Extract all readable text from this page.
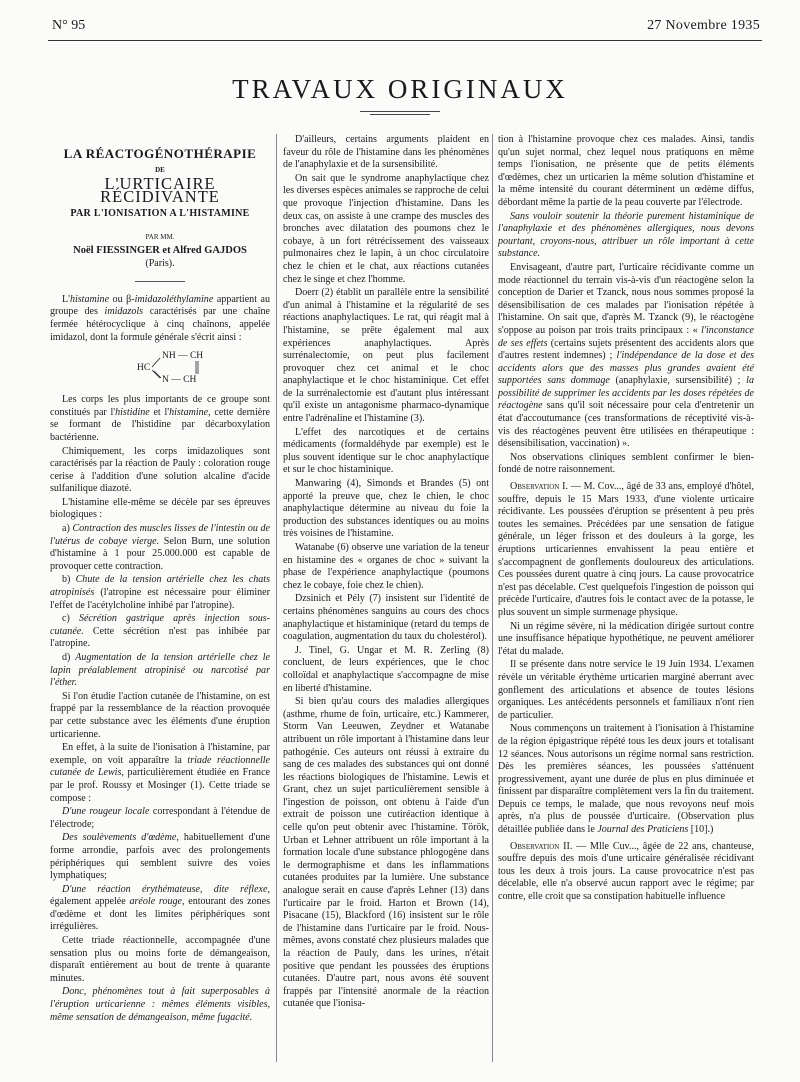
N° 95	27 Novembre 1935
TRAVAUX ORIGINAUX

LA RÉACTOGÉNOTHÉRAPIE

DE

L'URTICAIRE RÉCIDIVANTE

PAR L'IONISATION A L'HISTAMINE

PAR MM.

Noël FIESSINGER et Alfred GAJDOS

(Paris).

L'histamine ou β-imidazoléthylamine appartient au groupe des imidazols caractérisés par une chaîne fermée hétérocyclique à cinq chaînons, appelée imidazol, dont la formule générale s'écrit ainsi :

NH — CH
HC
N — CH

Les corps les plus importants de ce groupe sont constitués par l'histidine et l'histamine, cette dernière se formant de l'histidine par décarboxylation bactérienne.

Chimiquement, les corps imidazoliques sont caractérisés par la réaction de Pauly : coloration rouge cerise à l'addition d'une solution alcaline d'acide sulfanilique diazoté.

L'histamine elle-même se décèle par ses épreuves biologiques :

a) Contraction des muscles lisses de l'intestin ou de l'utérus de cobaye vierge. Selon Burn, une solution d'histamine à 1 pour 25.000.000 est capable de provoquer cette contraction.

b) Chute de la tension artérielle chez les chats atropinisés (l'atropine est nécessaire pour éliminer l'effet de l'acétylcholine inhibé par l'atropine).

c) Sécrétion gastrique après injection sous-cutanée. Cette sécrétion n'est pas inhibée par l'atropine.

d) Augmentation de la tension artérielle chez le lapin préalablement atropinisé ou narcotisé par l'éther.

Si l'on étudie l'action cutanée de l'histamine, on est frappé par la ressemblance de la réaction provoquée par cette substance avec les éléments d'une éruption urticarienne.

En effet, à la suite de l'ionisation à l'histamine, par exemple, on voit apparaître la triade réactionnelle cutanée de Lewis, particulièrement étudiée en France par le prof. Roussy et Mosinger (1). Cette triade se compose :

D'une rougeur locale correspondant à l'étendue de l'électrode;

Des soulèvements d'œdème, habituellement d'une forme arrondie, parfois avec des prolongements périphériques qui semblent suivre des voies lymphatiques;

D'une réaction érythémateuse, dite réflexe, également appelée aréole rouge, entourant des zones d'œdème et dont les limites périphériques sont irrégulières.

Cette triade réactionnelle, accompagnée d'une sensation plus ou moins forte de démangeaison, disparaît entièrement au bout de trente à quarante minutes.

Donc, phénomènes tout à fait superposables à l'éruption urticarienne : mêmes éléments visibles, même sensation de démangeaison, même fugacité.

D'ailleurs, certains arguments plaident en faveur du rôle de l'histamine dans les phénomènes de l'anaphylaxie et de la sursensibilité.

On sait que le syndrome anaphylactique chez les diverses espèces animales se rapproche de celui que provoque l'injection d'histamine. Dans les deux cas, on assiste à une crampe des muscles des bronches avec dilatation des poumons chez le cobaye, à un fort rétrécissement des vaisseaux pulmonaires chez le lapin, à un choc circulatoire chez le chien et le chat, aux réactions cutanées chez le singe et chez l'homme.

Doerr (2) établit un parallèle entre la sensibilité d'un animal à l'histamine et la régularité de ses réactions anaphylactiques. Le rat, qui réagit mal à l'histamine, se prête également mal aux expériences anaphylactiques. Après surrénalectomie, on peut plus facilement provoquer chez cet animal et le choc anaphylactique et le choc histaminique. Cet effet de la surrénalectomie est d'autant plus intéressant qu'il existe un antagonisme pharmaco-dynamique entre l'adrénaline et l'histamine (3).

L'effet des narcotiques et de certains médicaments (formaldéhyde par exemple) est le plus souvent identique sur le choc anaphylactique et sur le choc histaminique.

Manwaring (4), Simonds et Brandes (5) ont apporté la preuve que, chez le chien, le choc anaphylactique détermine au niveau du foie la production des substances identiques ou au moins très voisines de l'histamine.

Watanabe (6) observe une variation de la teneur en histamine des « organes de choc » suivant la phase de l'expérience anaphylactique (poumons chez le cobaye, foie chez le chien).

Dzsinich et Pély (7) insistent sur l'identité de certains phénomènes sanguins au cours des chocs anaphylactique et histaminique (retard du temps de coagulation, augmentation du taux du cholestérol).

J. Tinel, G. Ungar et M. R. Zerling (8) concluent, de leurs expériences, que le choc colloïdal et anaphylactique s'accompagne de mise en liberté d'histamine.

Si bien qu'au cours des maladies allergiques (asthme, rhume de foin, urticaire, etc.) Kammerer, Storm Van Leeuwen, Zeydner et Watanabe attribuent un rôle important à l'histamine dans leur pathogénie. Ces auteurs ont réussi à extraire du sang de ces malades des substances qui ont donné les réactions biologiques de l'histamine. Lewis et Grant, chez un sujet particulièrement sensible à l'ingestion de poisson, ont obtenu à l'aide d'un extrait de poisson une cutiréaction identique à celle qu'on peut obtenir avec l'histamine. Török, Urban et Lehner attribuent un rôle important à la formation locale d'une substance phlogogène dans le dermographisme et dans les inflammations cutanées produites par la lumière. Une substance analogue serait en cause d'après Lehner (13) dans l'urticaire par le froid. Harton et Brown (14), Pisacane (15), Blackford (16) insistent sur le rôle de l'histamine dans l'urticaire par le froid. Nous-mêmes, avons constaté chez plusieurs malades que la réaction de Pauly, dans les urines, n'était positive que pendant les poussées des éruptions cutanées. D'autre part, nous avons été souvent frappés par l'intensité anormale de la réaction cutanée que l'ionisa-

tion à l'histamine provoque chez ces malades. Ainsi, tandis qu'un sujet normal, chez lequel nous pratiquons en même temps l'ionisation, ne présente que de petits éléments d'œdèmes, chez un urticarien la même solution d'histamine et la même intensité du courant déterminent un œdème diffus, débordant même la partie de la peau couverte par l'électrode.

Sans vouloir soutenir la théorie purement histaminique de l'anaphylaxie et des phénomènes allergiques, nous devons pourtant, croyons-nous, attribuer un rôle important à cette substance.

Envisageant, d'autre part, l'urticaire récidivante comme un mode réactionnel du terrain vis-à-vis d'un réactogène selon la conception de Darier et Tzanck, nous nous sommes proposé la désensibilisation de ces malades par l'ionisation répétée à l'histamine. On sait que, d'après M. Tzanck (9), le réactogène s'oppose au poison par trois traits principaux : « l'inconstance de ses effets (certains sujets présentent des accidents alors que d'autres restent indemnes) ; l'indépendance de la dose et des accidents alors que des masses plus grandes avaient été supportées sans dommage (anaphylaxie, sursensibilité) ; la possibilité de supprimer les accidents par les doses répétées de réactogène sans qu'il soit nécessaire pour cela d'entretenir un état d'accoutumance (ces transformations de réceptivité vis-à-vis des réactogènes peuvent être utilisées en thérapeutique : désensibilisation, vaccination) ».

Nos observations cliniques semblent confirmer le bien-fondé de notre raisonnement.

Observation I. — M. Cov..., âgé de 33 ans, employé d'hôtel, souffre, depuis le 15 Mars 1933, d'une violente urticaire récidivante. Les poussées d'éruption se présentent à peu près toutes les semaines. Précédées par une sensation de fatigue générale, un léger frisson et des douleurs à la gorge, les éruptions urticariennes envahissent la peau entière et s'accompagnent de gonflements douloureux des articulations. Ces poussées durent quatre à cinq jours. La cause provocatrice n'est pas décelable. C'est quelquefois l'ingestion de poisson qui précède l'urticaire, d'autres fois le contact avec de la potasse, le plus souvent un simple surmenage physique.

Ni un régime sévère, ni la médication dirigée surtout contre une insuffisance hépatique hypothétique, ne peuvent améliorer l'état du malade.

Il se présente dans notre service le 19 Juin 1934. L'examen révèle un véritable érythème urticarien marginé aberrant avec gonflement des articulations et absence de toutes lésions organiques. Les antécédents personnels et familiaux n'ont rien de particulier.

Nous commençons un traitement à l'ionisation à l'histamine de la région épigastrique répété tous les deux jours et totalisant 12 séances. Nous autorisons un régime normal sans restriction. Dès les premières séances, les poussées s'atténuent progressivement, ayant une durée de plus en plus diminuée et finissent par disparaître complètement vers la fin du traitement. Depuis ce temps, le malade, que nous revoyons neuf mois après, n'a plus de poussée d'urticaire. (Observation plus détaillée publiée dans le Journal des Praticiens [10].)

Observation II. — Mlle Cuv..., âgée de 22 ans, chanteuse, souffre depuis des mois d'une urticaire généralisée récidivant tous les deux à trois jours. La cause provocatrice n'est pas décelable, elle n'a observé aucun rapport avec le régime; par contre, elle croit que sa constipation habituelle influence
